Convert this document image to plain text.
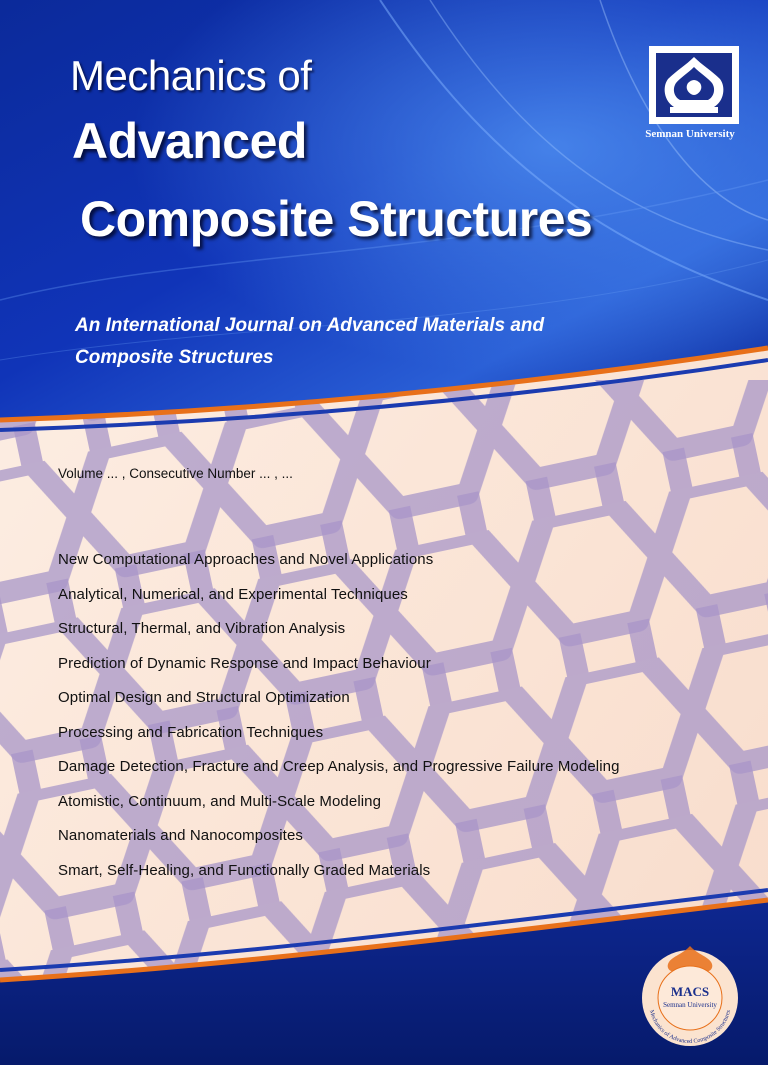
Mechanics of
Advanced
Composite Structures
An International Journal on Advanced Materials and
Composite Structures
Semnan University
Volume ... , Consecutive Number ... , ...
New Computational Approaches and Novel Applications
Analytical, Numerical, and Experimental Techniques
Structural, Thermal, and Vibration Analysis
Prediction of Dynamic Response and Impact Behaviour
Optimal Design and Structural Optimization
Processing and Fabrication Techniques
Damage Detection, Fracture and Creep Analysis, and Progressive Failure Modeling
Atomistic, Continuum, and Multi-Scale Modeling
Nanomaterials and Nanocomposites
Smart, Self-Healing, and Functionally Graded Materials
MACS
Semnan University
Mechanics of Advanced Composite Structures
